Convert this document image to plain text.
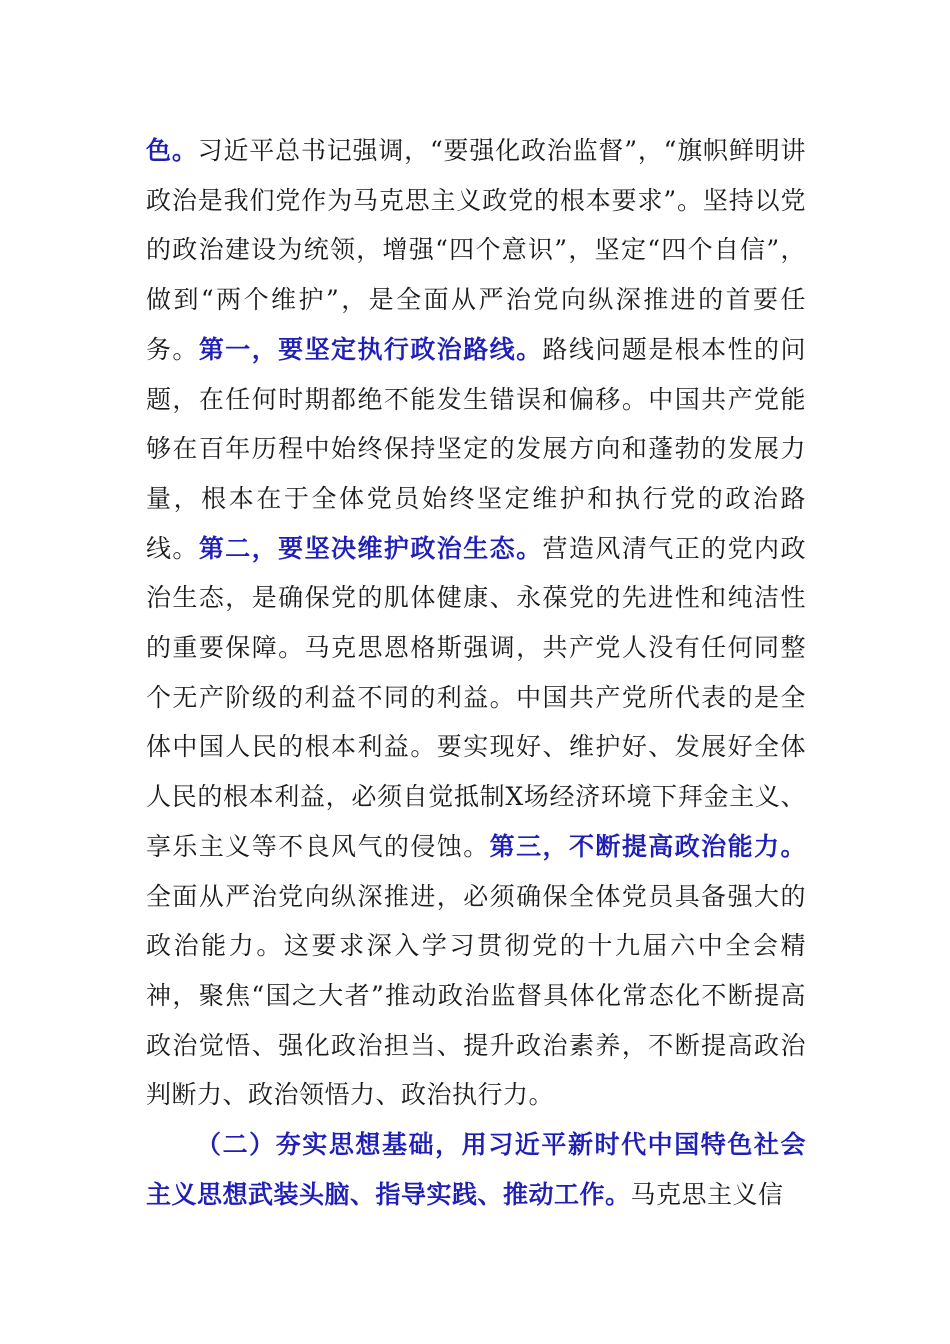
色。习近平总书记强调，“要强化政治监督”，“旗帜鲜明讲政治是我们党作为马克思主义政党的根本要求”。坚持以党的政治建设为统领，增强“四个意识”，坚定“四个自信”，做到“两个维护”，是全面从严治党向纵深推进的首要任务。第一，要坚定执行政治路线。路线问题是根本性的问题，在任何时期都绝不能发生错误和偏移。中国共产党能够在百年历程中始终保持坚定的发展方向和蓬勃的发展力量，根本在于全体党员始终坚定维护和执行党的政治路线。第二，要坚决维护政治生态。营造风清气正的党内政治生态，是确保党的肌体健康、永葆党的先进性和纯洁性的重要保障。马克思恩格斯强调，共产党人没有任何同整个无产阶级的利益不同的利益。中国共产党所代表的是全体中国人民的根本利益。要实现好、维护好、发展好全体人民的根本利益，必须自觉抵制X场经济环境下拜金主义、享乐主义等不良风气的侵蚀。第三，不断提高政治能力。全面从严治党向纵深推进，必须确保全体党员具备强大的政治能力。这要求深入学习贯彻党的十九届六中全会精神，聚焦“国之大者”推动政治监督具体化常态化不断提高政治觉悟、强化政治担当、提升政治素养，不断提高政治判断力、政治领悟力、政治执行力。

（二）夯实思想基础，用习近平新时代中国特色社会主义思想武装头脑、指导实践、推动工作。马克思主义信
